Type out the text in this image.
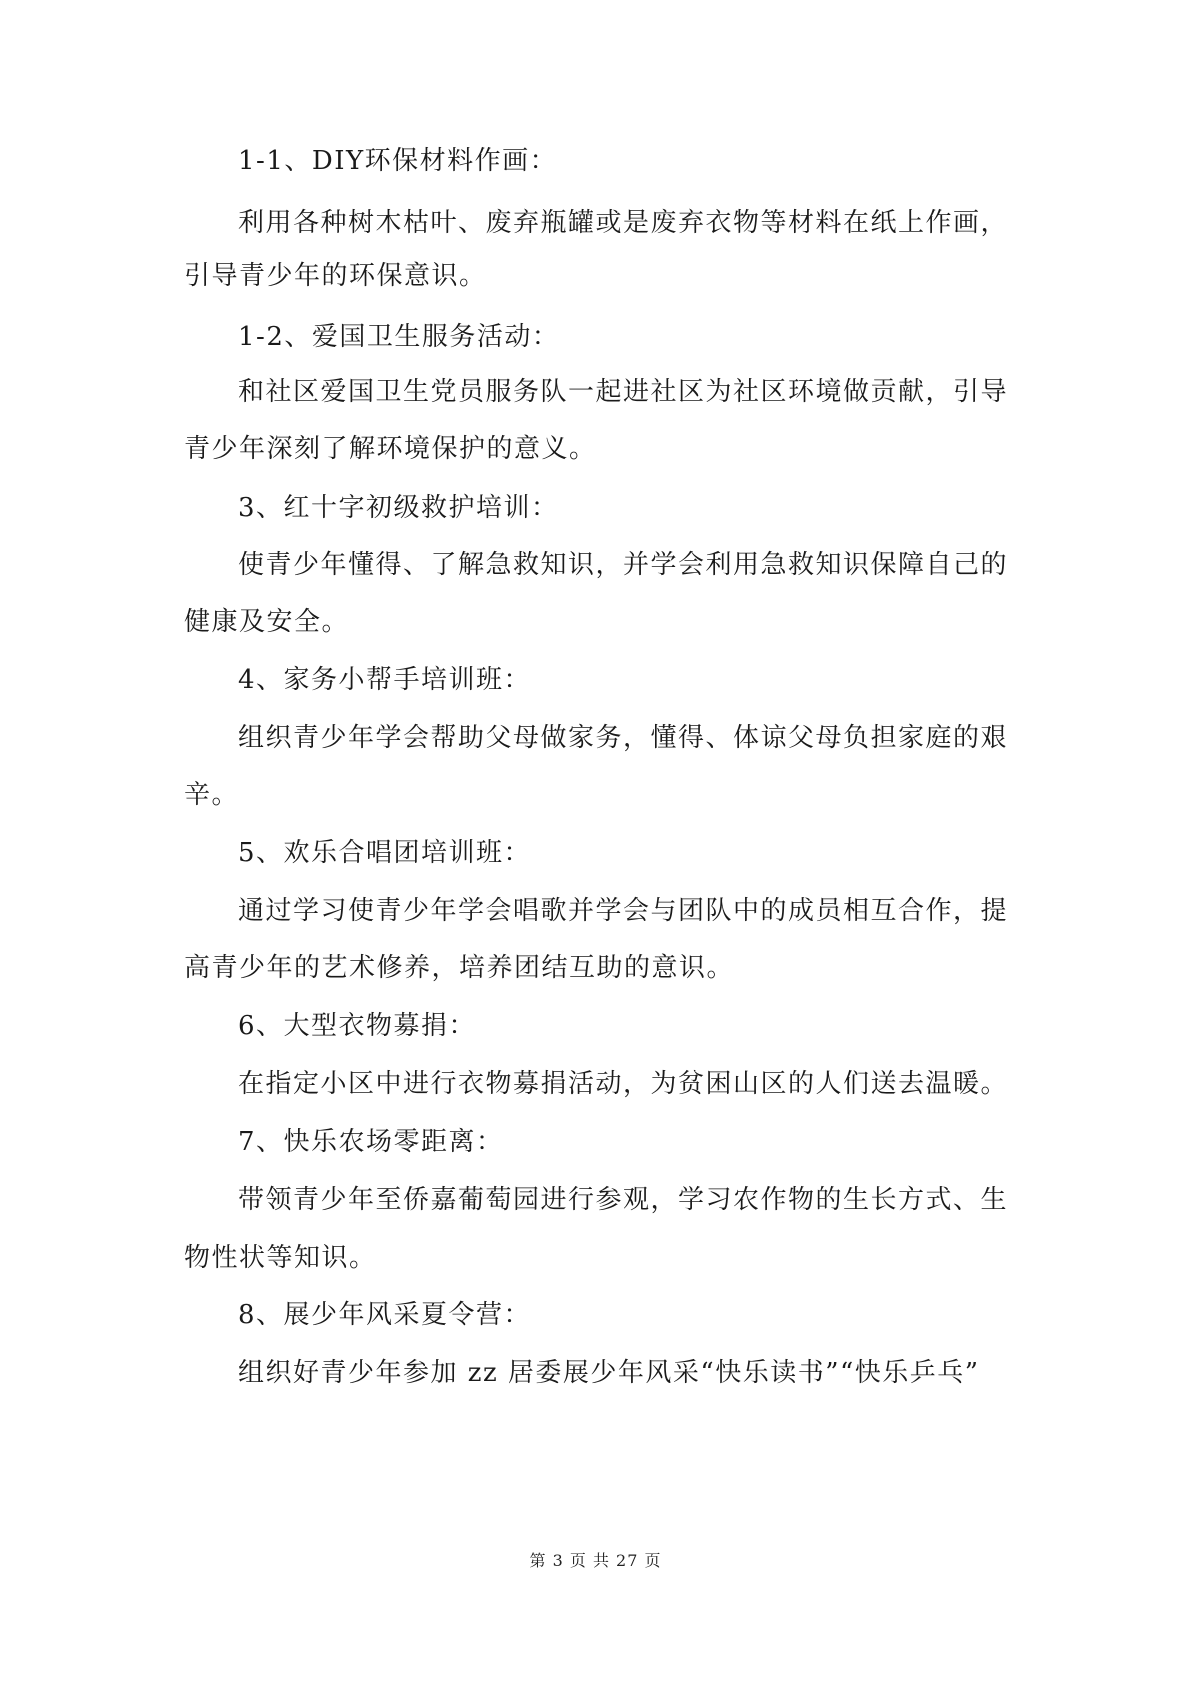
1-1、DIY环保材料作画：
利用各种树木枯叶、废弃瓶罐或是废弃衣物等材料在纸上作画，
引导青少年的环保意识。
1-2、爱国卫生服务活动：
和社区爱国卫生党员服务队一起进社区为社区环境做贡献，引导
青少年深刻了解环境保护的意义。
3、红十字初级救护培训：
使青少年懂得、了解急救知识，并学会利用急救知识保障自己的
健康及安全。
4、家务小帮手培训班：
组织青少年学会帮助父母做家务，懂得、体谅父母负担家庭的艰
辛。
5、欢乐合唱团培训班：
通过学习使青少年学会唱歌并学会与团队中的成员相互合作，提
高青少年的艺术修养，培养团结互助的意识。
6、大型衣物募捐：
在指定小区中进行衣物募捐活动，为贫困山区的人们送去温暖。
7、快乐农场零距离：
带领青少年至侨嘉葡萄园进行参观，学习农作物的生长方式、生
物性状等知识。
8、展少年风采夏令营：
组织好青少年参加 zz 居委展少年风采“快乐读书”“快乐乒乓”
第 3 页 共 27 页
